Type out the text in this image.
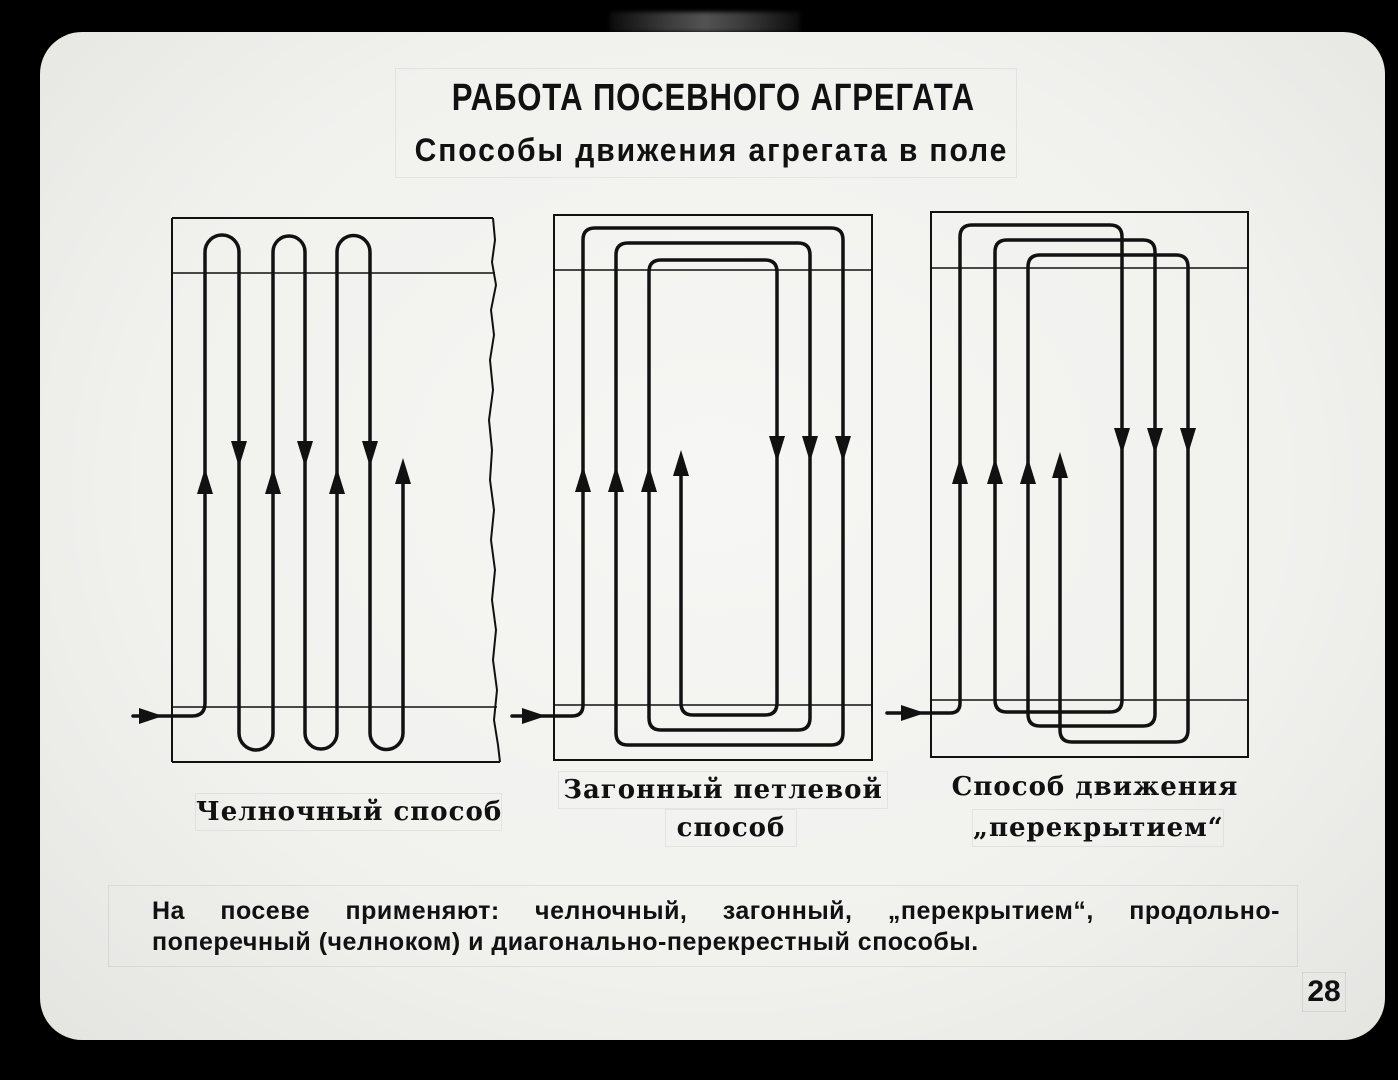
РАБОТА ПОСЕВНОГО АГРЕГАТА
Способы движения агрегата в поле
Челночный способ
Загонный петлевой
способ
Способ движения
„перекрытием“
На посеве применяют: челночный, загонный, „перекрытием“, продольно-
поперечный (челноком) и диагонально-перекрестный способы.
28
